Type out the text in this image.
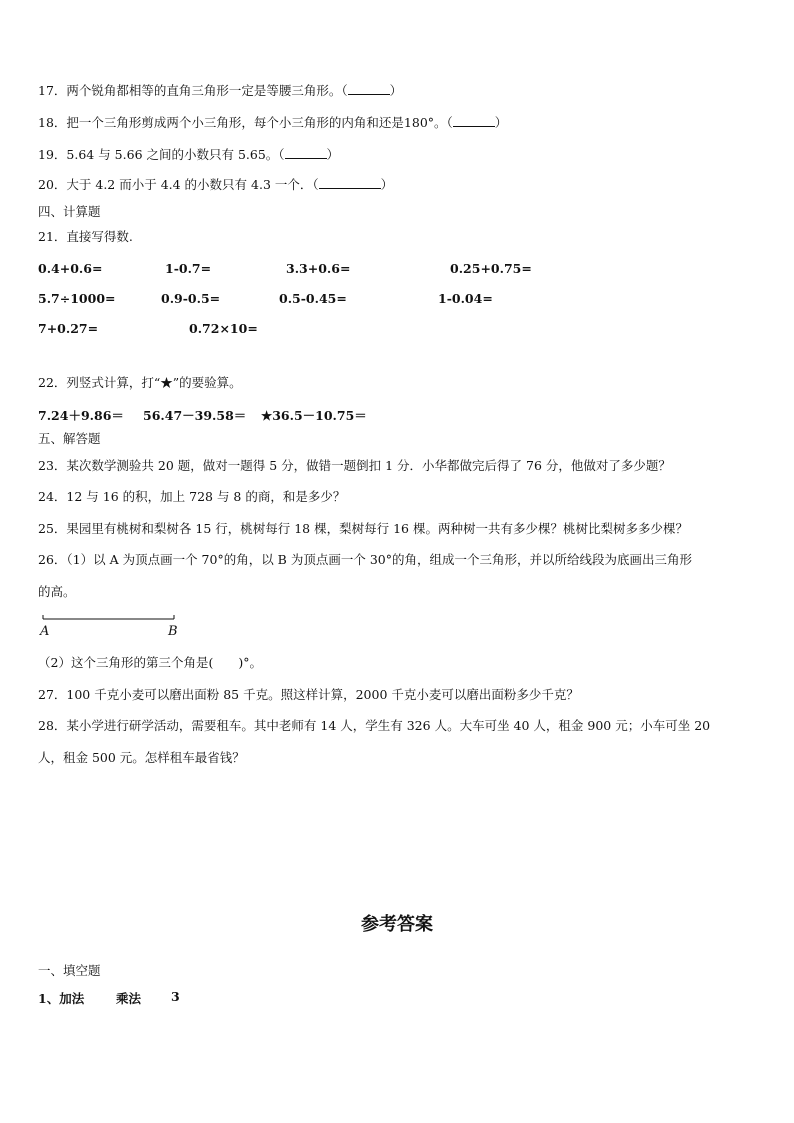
17．两个锐角都相等的直角三角形一定是等腰三角形。（	）
18．把一个三角形剪成两个小三角形，每个小三角形的内角和还是180°。（	）
19．5.64 与 5.66 之间的小数只有 5.65。（	）
20．大于 4.2 而小于 4.4 的小数只有 4.3 一个．（	）
四、计算题
21．直接写得数.
0.4+0.6=	1-0.7=	3.3+0.6=	0.25+0.75=
5.7÷1000=	0.9-0.5=	0.5-0.45=	1-0.04=
7+0.27=	0.72×10=
22．列竖式计算，打“★”的要验算。
7.24＋9.86＝ 56.47－39.58＝ ★36.5－10.75＝
五、解答题
23．某次数学测验共 20 题，做对一题得 5 分，做错一题倒扣 1 分．小华都做完后得了 76 分，他做对了多少题？
24．12 与 16 的积，加上 728 与 8 的商，和是多少？
25．果园里有桃树和梨树各 15 行，桃树每行 18 棵，梨树每行 16 棵。两种树一共有多少棵？桃树比梨树多多少棵？
26．（1）以 A 为顶点画一个 70°的角，以 B 为顶点画一个 30°的角，组成一个三角形，并以所给线段为底画出三角形
的高。
A	B
（2）这个三角形的第三个角是(　　)°。
27．100 千克小麦可以磨出面粉 85 千克。照这样计算，2000 千克小麦可以磨出面粉多少千克？
28．某小学进行研学活动，需要租车。其中老师有 14 人，学生有 326 人。大车可坐 40 人，租金 900 元；小车可坐 20
人，租金 500 元。怎样租车最省钱？
参考答案
一、填空题
1、加法	乘法 3
